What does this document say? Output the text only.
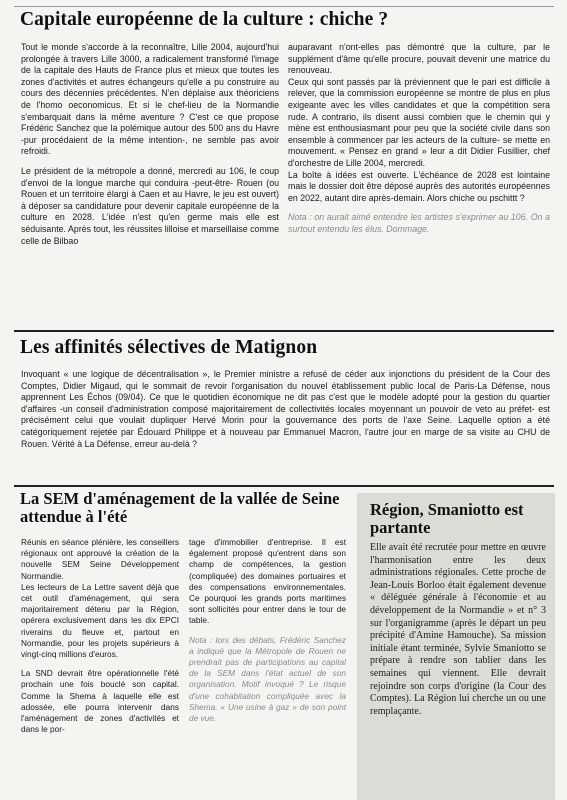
Capitale européenne de la culture : chiche ?

Tout le monde s'accorde à la reconnaître, Lille 2004, aujourd'hui prolongée à travers Lille 3000, a radicalement transformé l'image de la capitale des Hauts de France plus et mieux que toutes les zones d'activités et autres échangeurs qu'elle a pu construire au cours des décennies précédentes. N'en déplaise aux théoriciens de l'homo oeconomicus. Et si le chef-lieu de la Normandie s'embarquait dans la même aventure ? C'est ce que propose Frédéric Sanchez que la polémique autour des 500 ans du Havre -pur procédaient de la même intention-, ne semble pas avoir refroidi.

Le président de la métropole a donné, mercredi au 106, le coup d'envoi de la longue marche qui conduira -peut-être- Rouen (ou Rouen et un territoire élargi à Caen et au Havre, le jeu est ouvert) à déposer sa candidature pour devenir capitale européenne de la culture en 2028. L'idée n'est qu'en germe mais elle est séduisante. Après tout, les réussites lilloise et marseillaise comme celle de Bilbao

auparavant n'ont-elles pas démontré que la culture, par le supplément d'âme qu'elle procure, pouvait devenir une matrice du renouveau.

Ceux qui sont passés par là préviennent que le pari est difficile à relever, que la commission européenne se montre de plus en plus exigeante avec les villes candidates et que la compétition sera rude. A contrario, ils disent aussi combien que le chemin qui y mène est enthousiasmant pour peu que la société civile dans son ensemble à commencer par les acteurs de la culture- se mette en mouvement. « Pensez en grand » leur a dit Didier Fusillier, chef d'orchestre de Lille 2004, mercredi.

La boîte à idées est ouverte. L'échéance de 2028 est lointaine mais le dossier doit être déposé auprès des autorités européennes en 2022, autant dire après-demain. Alors chiche ou pschittt ?

Nota : on aurait aimé entendre les artistes s'exprimer au 106. On a surtout entendu les élus. Dommage.

Les affinités sélectives de Matignon

Invoquant « une logique de décentralisation », le Premier ministre a refusé de céder aux injonctions du président de la Cour des Comptes, Didier Migaud, qui le sommait de revoir l'organisation du nouvel établissement public local de Paris-La Défense, nous apprennent Les Échos (09/04). Ce que le quotidien économique ne dit pas c'est que le modèle adopté pour la gestion du quartier d'affaires -un conseil d'administration composé majoritairement de collectivités locales moyennant un pouvoir de veto au préfet- est précisément celui que voulait dupliquer Hervé Morin pour la gouvernance des ports de l'axe Seine. Laquelle option a été catégoriquement rejetée par Édouard Philippe et à nouveau par Emmanuel Macron, l'autre jour en marge de sa visite au CHU de Rouen. Vérité à La Défense, erreur au-delà ?

La SEM d'aménagement de la vallée de Seine attendue à l'été

Réunis en séance plénière, les conseillers régionaux ont approuvé la création de la nouvelle SEM Seine Développement Normandie.

Les lecteurs de La Lettre savent déjà que cet outil d'aménagement, qui sera majoritairement détenu par la Région, opérera exclusivement dans les dix EPCI riverains du fleuve et, partout en Normandie, pour les projets supérieurs à vingt-cinq millions d'euros.

La SND devrait être opérationnelle l'été prochain une fois bouclé son capital. Comme la Shema à laquelle elle est adossée, elle pourra intervenir dans l'aménagement de zones d'activités et dans le por-

tage d'immobilier d'entreprise. Il est également proposé qu'entrent dans son champ de compétences, la gestion (compliquée) des domaines portuaires et des compensations environnementales. Ce pourquoi les grands ports maritimes sont sollicités pour entrer dans le tour de table.

Nota : lors des débats, Frédéric Sanchez a indiqué que la Métropole de Rouen ne prendrait pas de participations au capital de la SEM dans l'état actuel de son organisation. Motif invoqué ? Le risque d'une cohabitation compliquée avec la Shema. « Une usine à gaz » de son point de vue.

Région, Smaniotto est partante

Elle avait été recrutée pour mettre en œuvre l'harmonisation entre les deux administrations régionales. Cette proche de Jean-Louis Borloo était également devenue « déléguée générale à l'économie et au développement de la Normandie » et n° 3 sur l'organigramme (après le départ un peu précipité d'Amine Hamouche). Sa mission initiale étant terminée, Sylvie Smaniotto se prépare à rendre son tablier dans les semaines qui viennent. Elle devrait rejoindre son corps d'origine (la Cour des Comptes). La Région lui cherche un ou une remplaçante.
